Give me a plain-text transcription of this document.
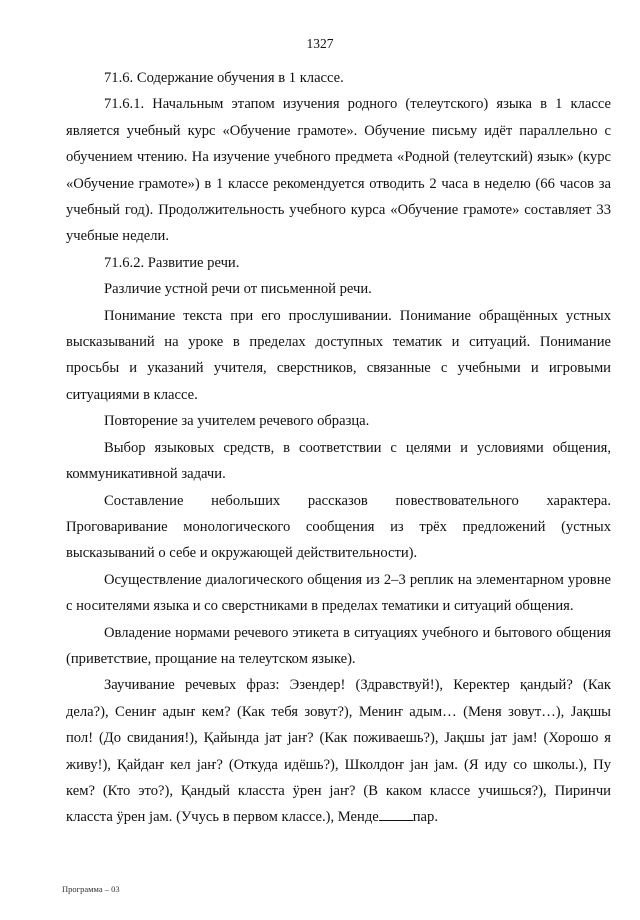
1327

71.6. Содержание обучения в 1 классе.

71.6.1. Начальным этапом изучения родного (телеутского) языка в 1 классе является учебный курс «Обучение грамоте». Обучение письму идёт параллельно с обучением чтению. На изучение учебного предмета «Родной (телеутский) язык» (курс «Обучение грамоте») в 1 классе рекомендуется отводить 2 часа в неделю (66 часов за учебный год). Продолжительность учебного курса «Обучение грамоте» составляет 33 учебные недели.

71.6.2. Развитие речи.

Различие устной речи от письменной речи.

Понимание текста при его прослушивании. Понимание обращённых устных высказываний на уроке в пределах доступных тематик и ситуаций. Понимание просьбы и указаний учителя, сверстников, связанные с учебными и игровыми ситуациями в классе.

Повторение за учителем речевого образца.

Выбор языковых средств, в соответствии с целями и условиями общения, коммуникативной задачи.

Составление небольших рассказов повествовательного характера. Проговаривание монологического сообщения из трёх предложений (устных высказываний о себе и окружающей действительности).

Осуществление диалогического общения из 2–3 реплик на элементарном уровне с носителями языка и со сверстниками в пределах тематики и ситуаций общения.

Овладение нормами речевого этикета в ситуациях учебного и бытового общения (приветствие, прощание на телеутском языке).

Заучивание речевых фраз: Эзендер! (Здравствуй!), Керектер қандый? (Как дела?), Сениҥ адыҥ кем? (Как тебя зовут?), Мениҥ адым… (Меня зовут…), Јақшы пол! (До свидания!), Қайында јат јаҥ? (Как поживаешь?), Јақшы јат јам! (Хорошо я живу!), Қайдаҥ кел јаҥ? (Откуда идёшь?), Школдоҥ јан јам. (Я иду со школы.), Пу кем? (Кто это?), Қандый класста ӱрен јаҥ? (В каком классе учишься?), Пиринчи класста ӱрен јам. (Учусь в первом классе.), Менде пар.

Программа – 03
